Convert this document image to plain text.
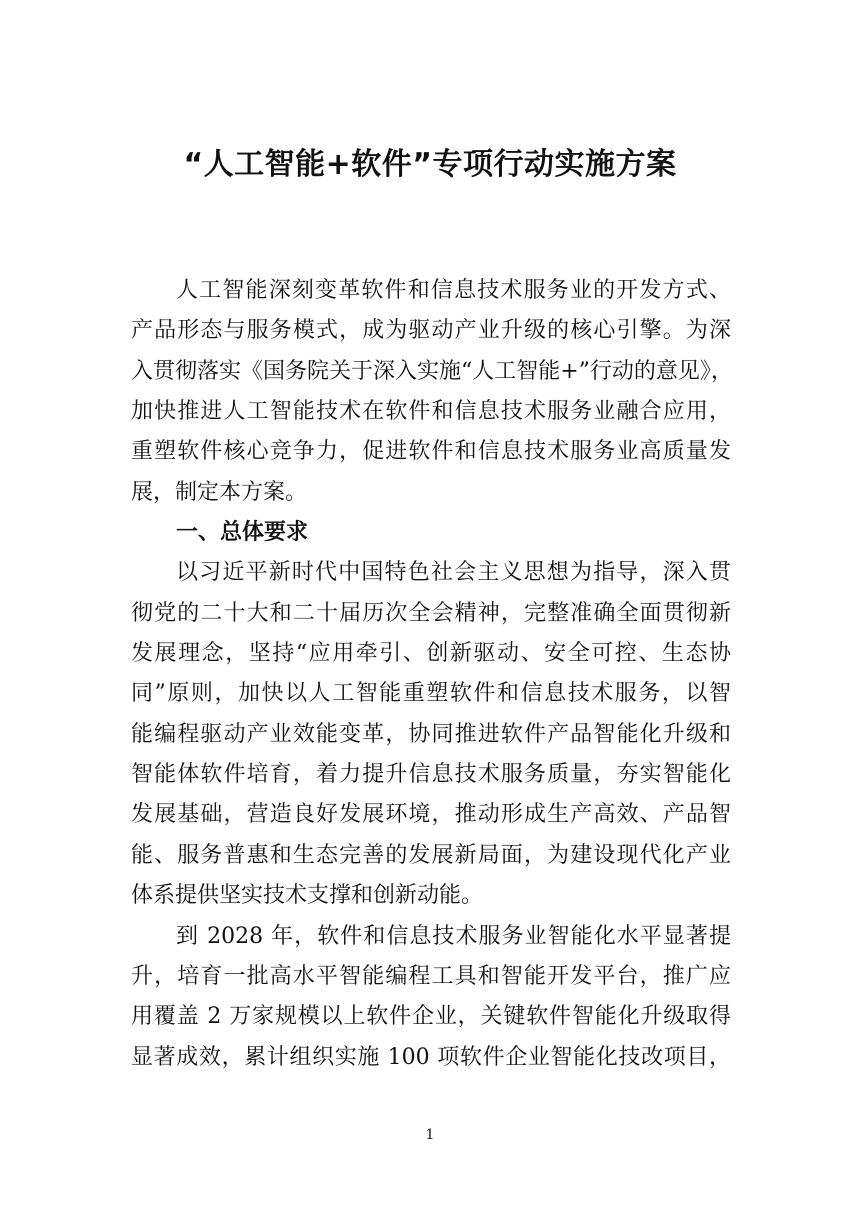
“人工智能+软件”专项行动实施方案
人工智能深刻变革软件和信息技术服务业的开发方式、
产品形态与服务模式，成为驱动产业升级的核心引擎。为深
入贯彻落实《国务院关于深入实施“人工智能+”行动的意见》，
加快推进人工智能技术在软件和信息技术服务业融合应用，
重塑软件核心竞争力，促进软件和信息技术服务业高质量发
展，制定本方案。
一、总体要求
以习近平新时代中国特色社会主义思想为指导，深入贯
彻党的二十大和二十届历次全会精神，完整准确全面贯彻新
发展理念，坚持“应用牵引、创新驱动、安全可控、生态协
同”原则，加快以人工智能重塑软件和信息技术服务，以智
能编程驱动产业效能变革，协同推进软件产品智能化升级和
智能体软件培育，着力提升信息技术服务质量，夯实智能化
发展基础，营造良好发展环境，推动形成生产高效、产品智
能、服务普惠和生态完善的发展新局面，为建设现代化产业
体系提供坚实技术支撑和创新动能。
到 2028 年，软件和信息技术服务业智能化水平显著提
升，培育一批高水平智能编程工具和智能开发平台，推广应
用覆盖 2 万家规模以上软件企业，关键软件智能化升级取得
显著成效，累计组织实施 100 项软件企业智能化技改项目，
1
